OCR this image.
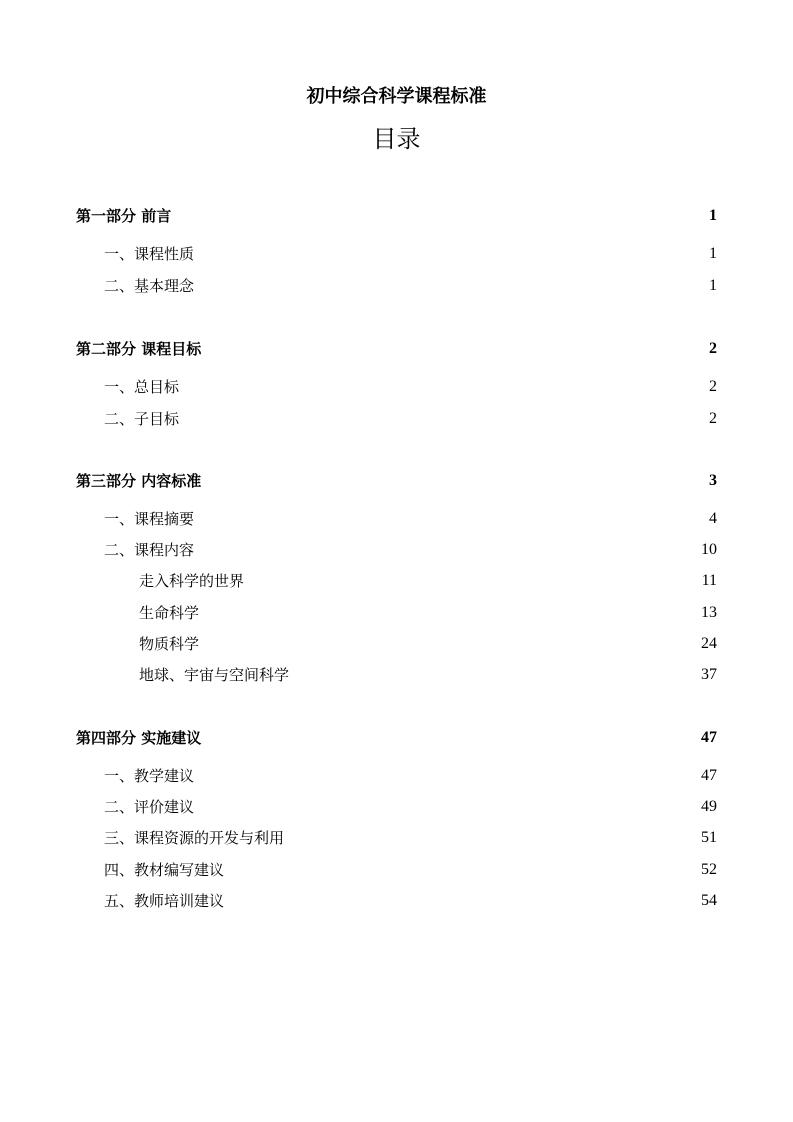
初中综合科学课程标准
目录
第一部分 前言	1
一、课程性质	1
二、基本理念	1
第二部分 课程目标	2
一、总目标	2
二、子目标	2
第三部分 内容标准	3
一、课程摘要	4
二、课程内容	10
走入科学的世界	11
生命科学	13
物质科学	24
地球、宇宙与空间科学	37
第四部分 实施建议	47
一、教学建议	47
二、评价建议	49
三、课程资源的开发与利用	51
四、教材编写建议	52
五、教师培训建议	54
